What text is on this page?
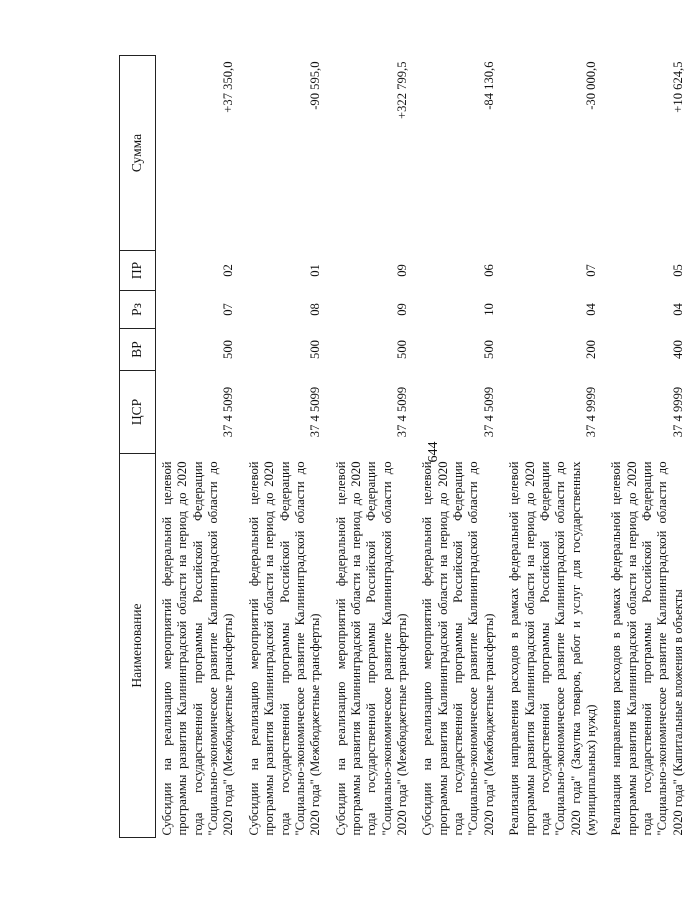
644
Наименование	ЦСР	ВР	Рз	ПР	Сумма
Субсидии на реализацию мероприятий федеральной целевой программы развития Калининградской области на период до 2020 года государственной программы Российской Федерации "Социально-экономическое развитие Калининградской области до 2020 года" (Межбюджетные трансферты)	37 4 5099	500	07	02	+37 350,0
Субсидии на реализацию мероприятий федеральной целевой программы развития Калининградской области на период до 2020 года государственной программы Российской Федерации "Социально-экономическое развитие Калининградской области до 2020 года" (Межбюджетные трансферты)	37 4 5099	500	08	01	-90 595,0
Субсидии на реализацию мероприятий федеральной целевой программы развития Калининградской области на период до 2020 года государственной программы Российской Федерации "Социально-экономическое развитие Калининградской области до 2020 года" (Межбюджетные трансферты)	37 4 5099	500	09	09	+322 799,5
Субсидии на реализацию мероприятий федеральной целевой программы развития Калининградской области на период до 2020 года государственной программы Российской Федерации "Социально-экономическое развитие Калининградской области до 2020 года" (Межбюджетные трансферты)	37 4 5099	500	10	06	-84 130,6
Реализация направления расходов в рамках федеральной целевой программы развития Калининградской области на период до 2020 года государственной программы Российской Федерации "Социально-экономическое развитие Калининградской области до 2020 года" (Закупка товаров, работ и услуг для государственных (муниципальных) нужд)	37 4 9999	200	04	07	-30 000,0
Реализация направления расходов в рамках федеральной целевой программы развития Калининградской области на период до 2020 года государственной программы Российской Федерации "Социально-экономическое развитие Калининградской области до 2020 года" (Капитальные вложения в объекты	37 4 9999	400	04	05	+10 624,5
